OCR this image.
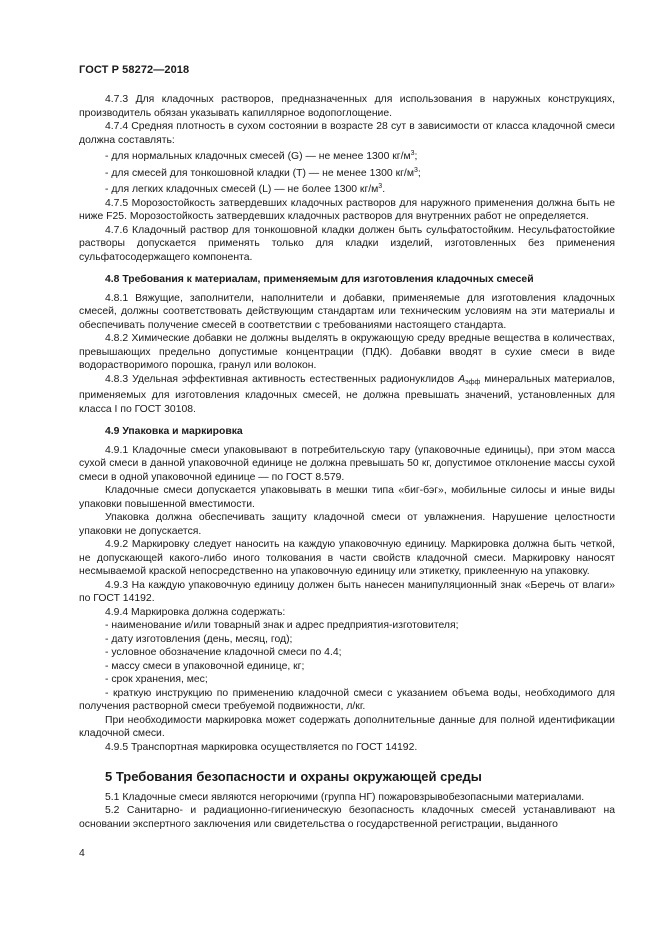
ГОСТ Р 58272—2018

4.7.3 Для кладочных растворов, предназначенных для использования в наружных конструкциях, производитель обязан указывать капиллярное водопоглощение.

4.7.4 Средняя плотность в сухом состоянии в возрасте 28 сут в зависимости от класса кладочной смеси должна составлять:

- для нормальных кладочных смесей (G) — не менее 1300 $кг/м^3$;

- для смесей для тонкошовной кладки (T) — не менее 1300 $кг/м^3$;

- для легких кладочных смесей (L) — не более 1300 $кг/м^3$.

4.7.5 Морозостойкость затвердевших кладочных растворов для наружного применения должна быть не ниже F25. Морозостойкость затвердевших кладочных растворов для внутренних работ не определяется.

4.7.6 Кладочный раствор для тонкошовной кладки должен быть сульфатостойким. Несульфатостойкие растворы допускается применять только для кладки изделий, изготовленных без применения сульфатосодержащего компонента.

4.8 Требования к материалам, применяемым для изготовления кладочных смесей

4.8.1 Вяжущие, заполнители, наполнители и добавки, применяемые для изготовления кладочных смесей, должны соответствовать действующим стандартам или техническим условиям на эти материалы и обеспечивать получение смесей в соответствии с требованиями настоящего стандарта.

4.8.2 Химические добавки не должны выделять в окружающую среду вредные вещества в количествах, превышающих предельно допустимые концентрации (ПДК). Добавки вводят в сухие смеси в виде водорастворимого порошка, гранул или волокон.

4.8.3 Удельная эффективная активность естественных радионуклидов $A_{эфф}$ минеральных материалов, применяемых для изготовления кладочных смесей, не должна превышать значений, установленных для класса I по ГОСТ 30108.

4.9 Упаковка и маркировка

4.9.1 Кладочные смеси упаковывают в потребительскую тару (упаковочные единицы), при этом масса сухой смеси в данной упаковочной единице не должна превышать 50 кг, допустимое отклонение массы сухой смеси в одной упаковочной единице — по ГОСТ 8.579.

Кладочные смеси допускается упаковывать в мешки типа «биг-бэг», мобильные силосы и иные виды упаковки повышенной вместимости.

Упаковка должна обеспечивать защиту кладочной смеси от увлажнения. Нарушение целостности упаковки не допускается.

4.9.2 Маркировку следует наносить на каждую упаковочную единицу. Маркировка должна быть четкой, не допускающей какого-либо иного толкования в части свойств кладочной смеси. Маркировку наносят несмываемой краской непосредственно на упаковочную единицу или этикетку, приклеенную на упаковку.

4.9.3 На каждую упаковочную единицу должен быть нанесен манипуляционный знак «Беречь от влаги» по ГОСТ 14192.

4.9.4 Маркировка должна содержать:

- наименование и/или товарный знак и адрес предприятия-изготовителя;

- дату изготовления (день, месяц, год);

- условное обозначение кладочной смеси по 4.4;

- массу смеси в упаковочной единице, кг;

- срок хранения, мес;

- краткую инструкцию по применению кладочной смеси с указанием объема воды, необходимого для получения растворной смеси требуемой подвижности, л/кг.

При необходимости маркировка может содержать дополнительные данные для полной идентификации кладочной смеси.

4.9.5 Транспортная маркировка осуществляется по ГОСТ 14192.

5 Требования безопасности и охраны окружающей среды

5.1 Кладочные смеси являются негорючими (группа НГ) пожаровзрывобезопасными материалами.

5.2 Санитарно- и радиационно-гигиеническую безопасность кладочных смесей устанавливают на основании экспертного заключения или свидетельства о государственной регистрации, выданного

4
